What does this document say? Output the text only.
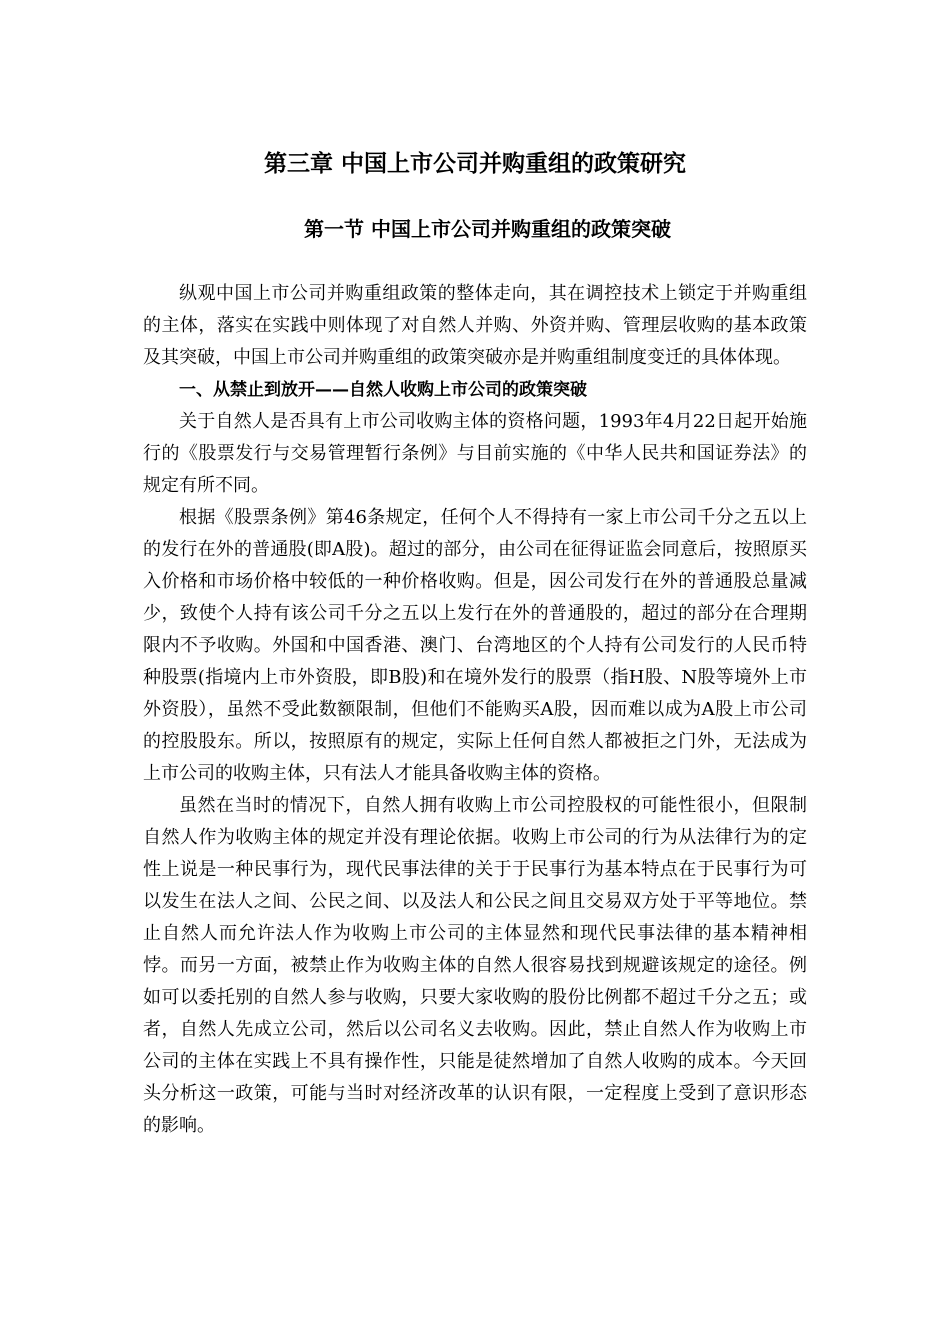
第三章 中国上市公司并购重组的政策研究
第一节 中国上市公司并购重组的政策突破

纵观中国上市公司并购重组政策的整体走向，其在调控技术上锁定于并购重组的主体，落实在实践中则体现了对自然人并购、外资并购、管理层收购的基本政策及其突破，中国上市公司并购重组的政策突破亦是并购重组制度变迁的具体体现。

一、从禁止到放开——自然人收购上市公司的政策突破

关于自然人是否具有上市公司收购主体的资格问题，1993年4月22日起开始施行的《股票发行与交易管理暂行条例》与目前实施的《中华人民共和国证券法》的规定有所不同。

根据《股票条例》第46条规定，任何个人不得持有一家上市公司千分之五以上的发行在外的普通股(即A股)。超过的部分，由公司在征得证监会同意后，按照原买入价格和市场价格中较低的一种价格收购。但是，因公司发行在外的普通股总量减少，致使个人持有该公司千分之五以上发行在外的普通股的，超过的部分在合理期限内不予收购。外国和中国香港、澳门、台湾地区的个人持有公司发行的人民币特种股票(指境内上市外资股，即B股)和在境外发行的股票（指H股、N股等境外上市外资股），虽然不受此数额限制，但他们不能购买A股，因而难以成为A股上市公司的控股股东。所以，按照原有的规定，实际上任何自然人都被拒之门外，无法成为上市公司的收购主体，只有法人才能具备收购主体的资格。

虽然在当时的情况下，自然人拥有收购上市公司控股权的可能性很小，但限制自然人作为收购主体的规定并没有理论依据。收购上市公司的行为从法律行为的定性上说是一种民事行为，现代民事法律的关于于民事行为基本特点在于民事行为可以发生在法人之间、公民之间、以及法人和公民之间且交易双方处于平等地位。禁止自然人而允许法人作为收购上市公司的主体显然和现代民事法律的基本精神相悖。而另一方面，被禁止作为收购主体的自然人很容易找到规避该规定的途径。例如可以委托别的自然人参与收购，只要大家收购的股份比例都不超过千分之五；或者，自然人先成立公司，然后以公司名义去收购。因此，禁止自然人作为收购上市公司的主体在实践上不具有操作性，只能是徒然增加了自然人收购的成本。今天回头分析这一政策，可能与当时对经济改革的认识有限，一定程度上受到了意识形态的影响。
